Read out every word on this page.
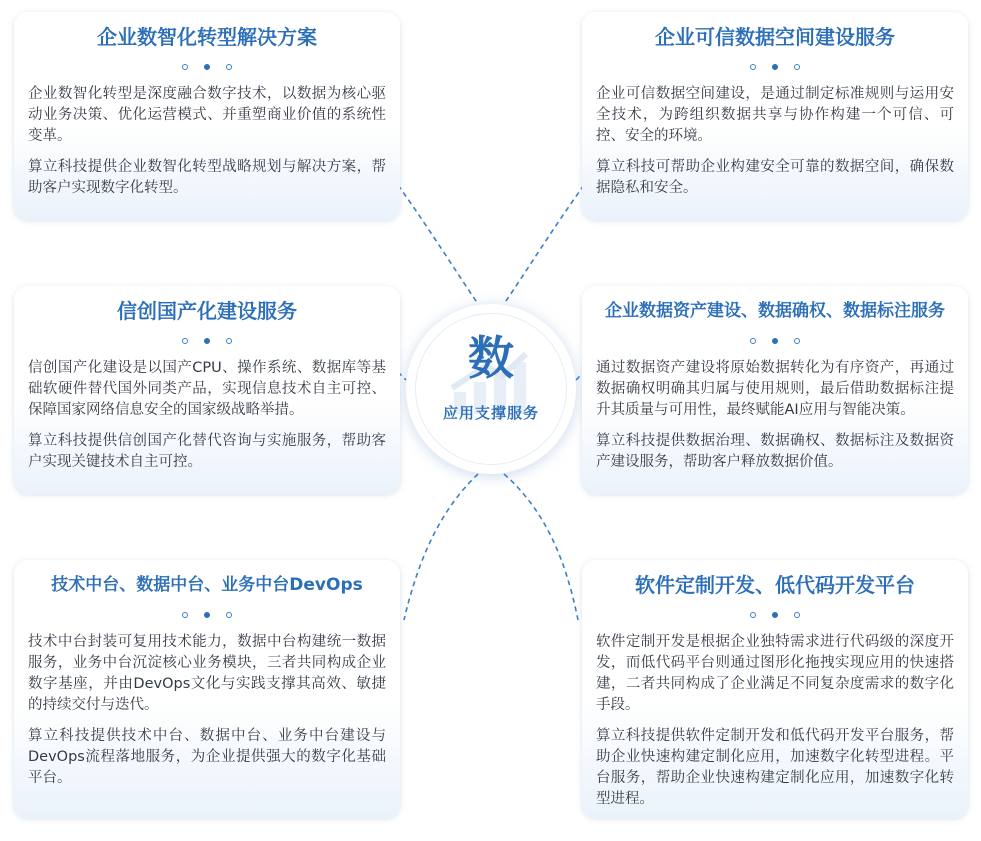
数
应用支撑服务
企业数智化转型解决方案

企业数智化转型是深度融合数字技术，以数据为核心驱动业务决策、优化运营模式、并重塑商业价值的系统性变革。

算立科技提供企业数智化转型战略规划与解决方案，帮助客户实现数字化转型。

企业可信数据空间建设服务

企业可信数据空间建设，是通过制定标准规则与运用安全技术，为跨组织数据共享与协作构建一个可信、可控、安全的环境。

算立科技可帮助企业构建安全可靠的数据空间，确保数据隐私和安全。

信创国产化建设服务

信创国产化建设是以国产CPU、操作系统、数据库等基础软硬件替代国外同类产品，实现信息技术自主可控、保障国家网络信息安全的国家级战略举措。

算立科技提供信创国产化替代咨询与实施服务，帮助客户实现关键技术自主可控。

企业数据资产建设、数据确权、数据标注服务

通过数据资产建设将原始数据转化为有序资产，再通过数据确权明确其归属与使用规则，最后借助数据标注提升其质量与可用性，最终赋能AI应用与智能决策。

算立科技提供数据治理、数据确权、数据标注及数据资产建设服务，帮助客户释放数据价值。

技术中台、数据中台、业务中台DevOps

技术中台封装可复用技术能力，数据中台构建统一数据服务，业务中台沉淀核心业务模块，三者共同构成企业数字基座，并由DevOps文化与实践支撑其高效、敏捷的持续交付与迭代。

算立科技提供技术中台、数据中台、业务中台建设与DevOps流程落地服务，为企业提供强大的数字化基础平台。

软件定制开发、低代码开发平台

软件定制开发是根据企业独特需求进行代码级的深度开发，而低代码平台则通过图形化拖拽实现应用的快速搭建，二者共同构成了企业满足不同复杂度需求的数字化手段。

算立科技提供软件定制开发和低代码开发平台服务，帮助企业快速构建定制化应用，加速数字化转型进程。平台服务，帮助企业快速构建定制化应用，加速数字化转型进程。
